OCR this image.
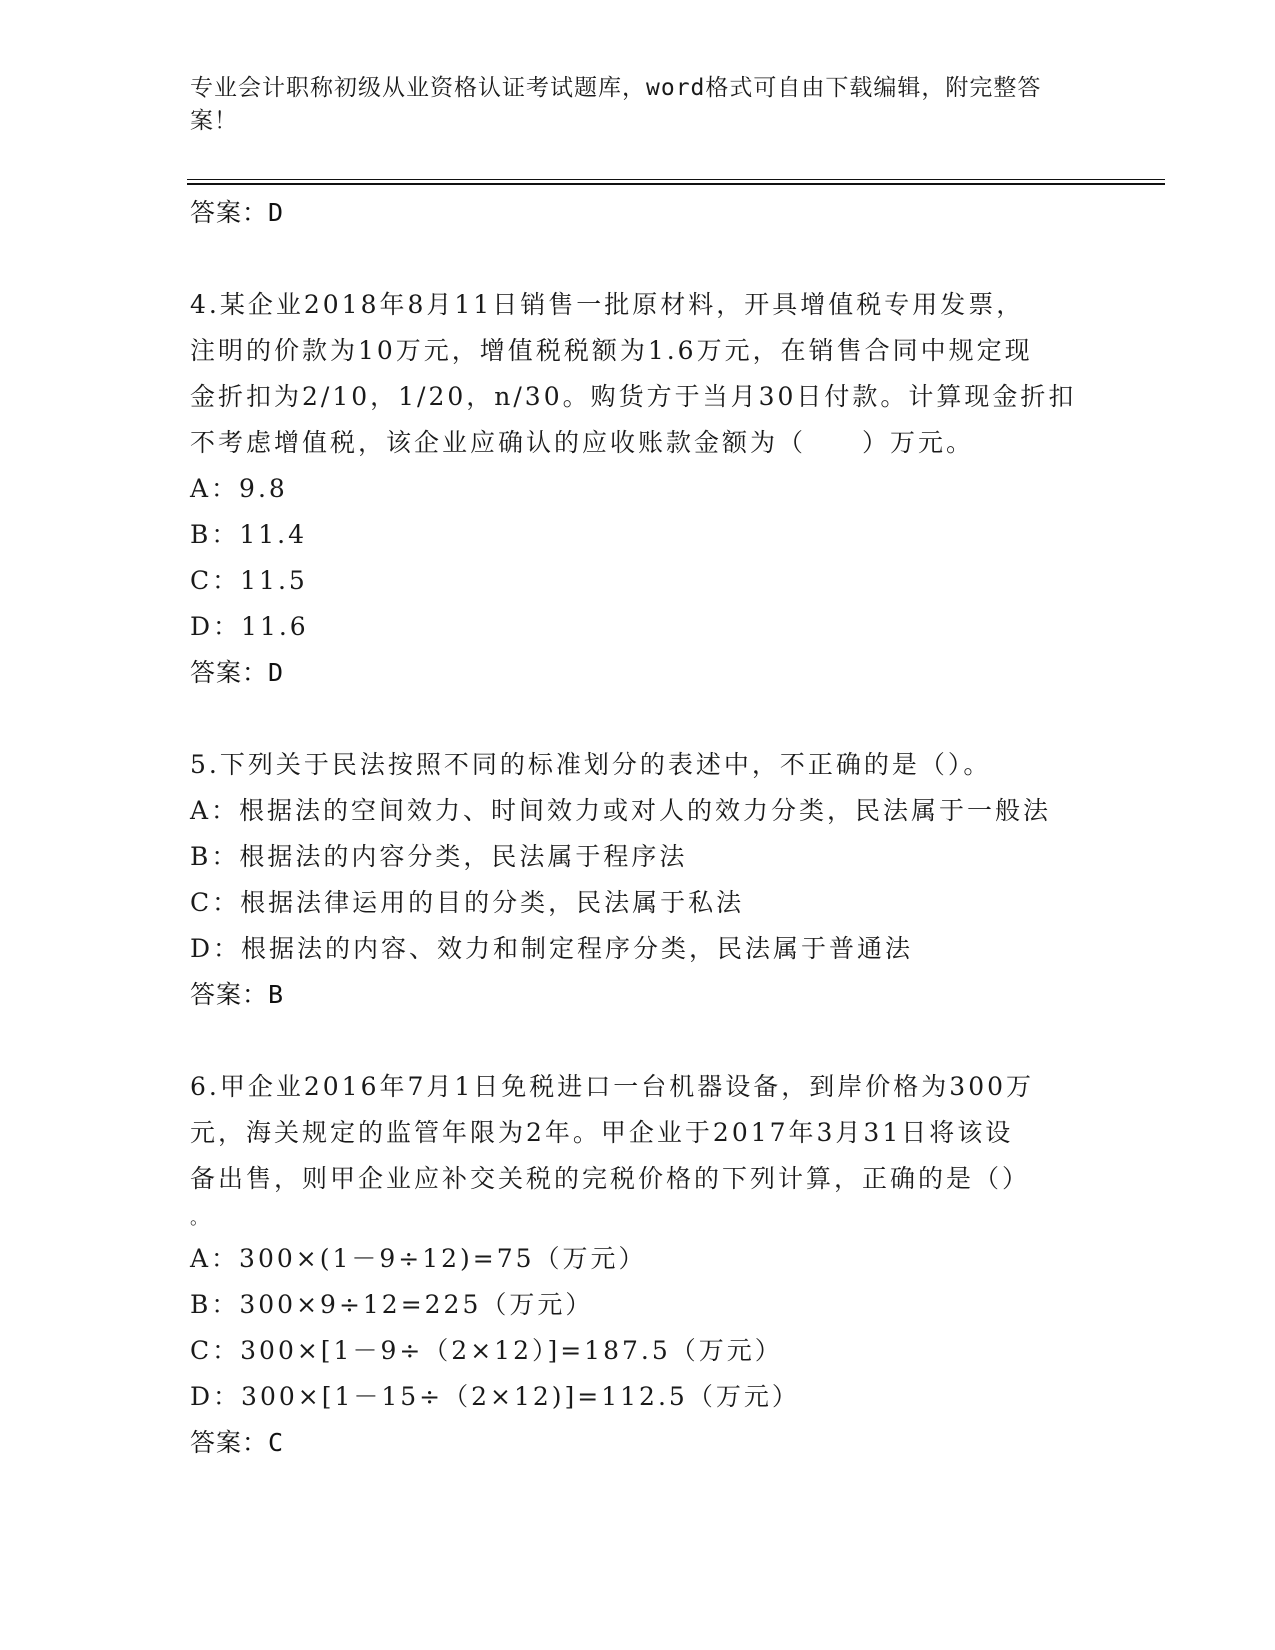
专业会计职称初级从业资格认证考试题库，word格式可自由下载编辑，附完整答
案！
答案：D
4.某企业2018年8月11日销售一批原材料，开具增值税专用发票，
注明的价款为10万元，增值税税额为1.6万元，在销售合同中规定现
金折扣为2/10，1/20，n/30。购货方于当月30日付款。计算现金折扣
不考虑增值税，该企业应确认的应收账款金额为（　　）万元。
A：9.8
B：11.4
C：11.5
D：11.6
答案：D
5.下列关于民法按照不同的标准划分的表述中，不正确的是（）。
A：根据法的空间效力、时间效力或对人的效力分类，民法属于一般法
B：根据法的内容分类，民法属于程序法
C：根据法律运用的目的分类，民法属于私法
D：根据法的内容、效力和制定程序分类，民法属于普通法
答案：B
6.甲企业2016年7月1日免税进口一台机器设备，到岸价格为300万
元，海关规定的监管年限为2年。甲企业于2017年3月31日将该设
备出售，则甲企业应补交关税的完税价格的下列计算，正确的是（）
。
A：300×(1－9÷12)=75（万元）
B：300×9÷12=225（万元）
C：300×[1－9÷（2×12）]=187.5（万元）
D：300×[1－15÷（2×12)]=112.5（万元）
答案：C
